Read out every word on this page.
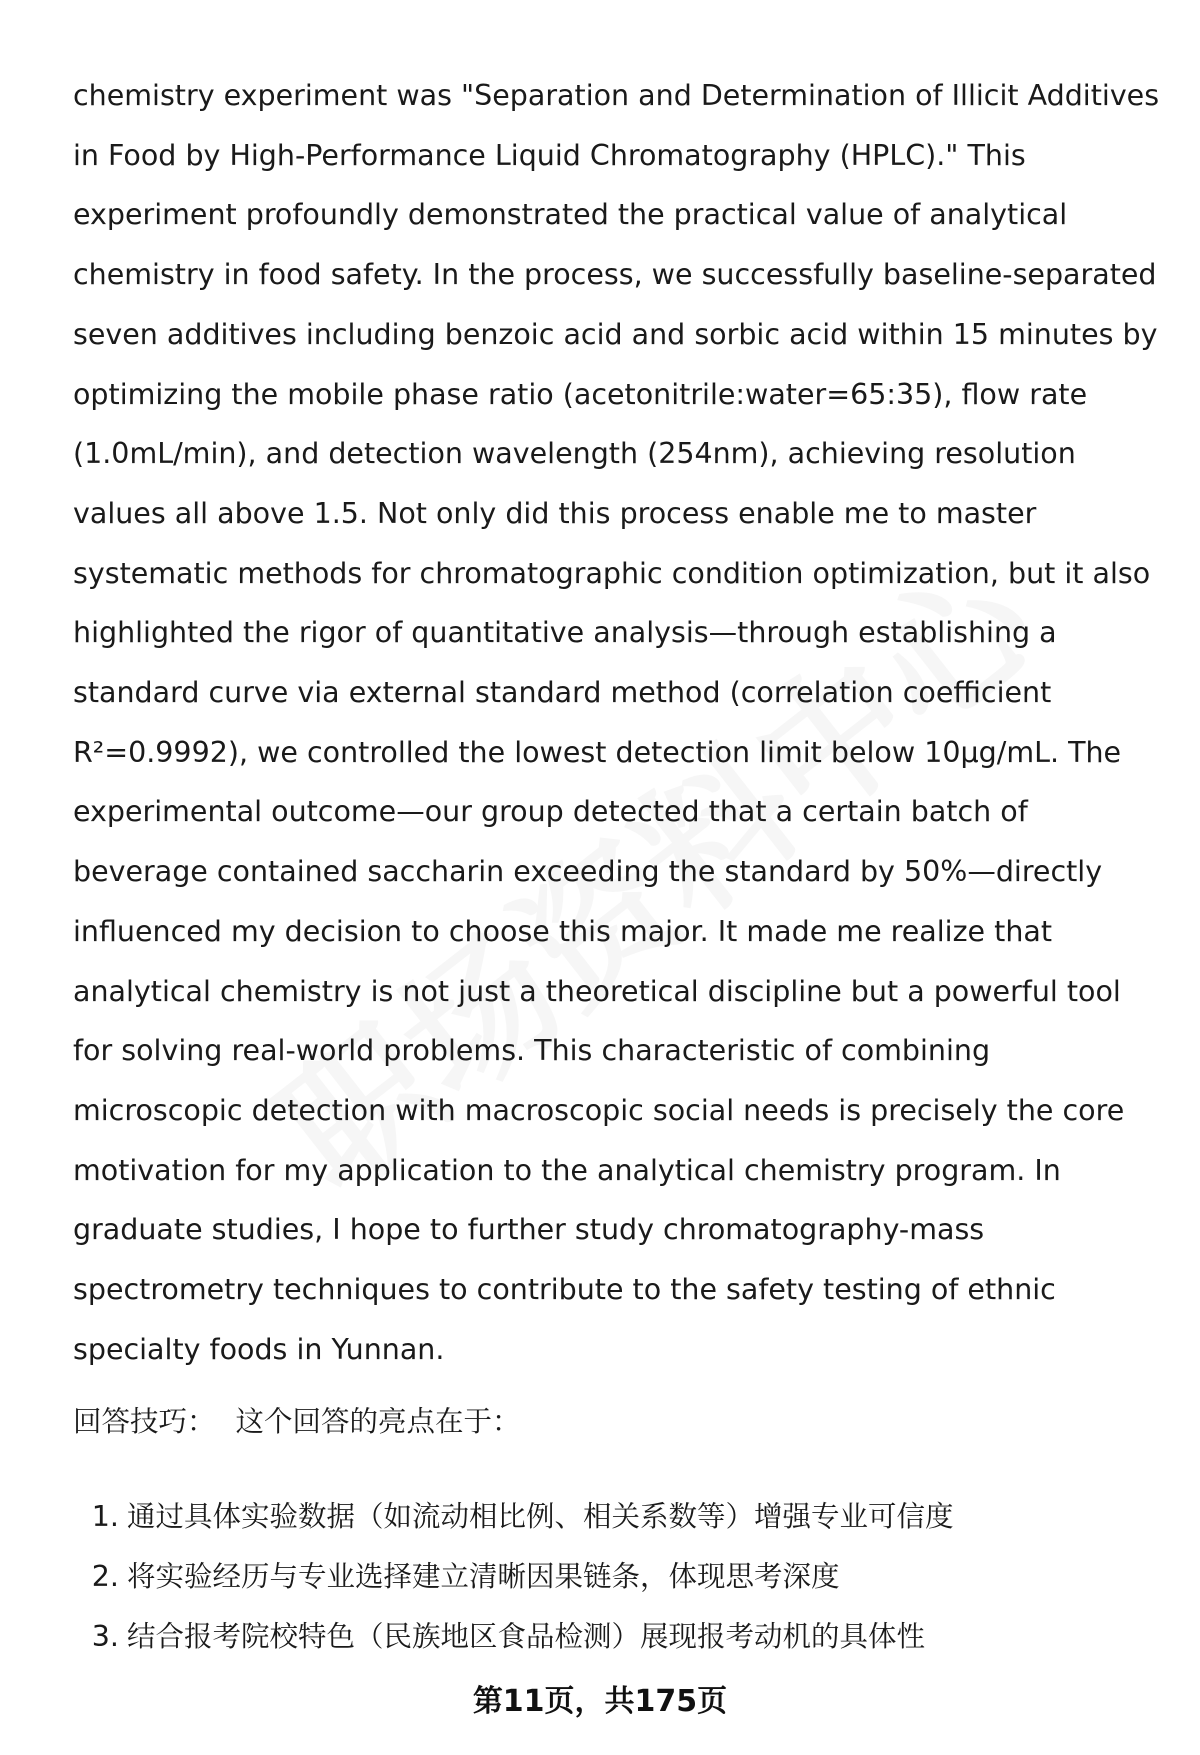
chemistry experiment was "Separation and Determination of Illicit Additives
in Food by High-Performance Liquid Chromatography (HPLC)." This
experiment profoundly demonstrated the practical value of analytical
chemistry in food safety. In the process, we successfully baseline-separated
seven additives including benzoic acid and sorbic acid within 15 minutes by
optimizing the mobile phase ratio (acetonitrile:water=65:35), flow rate
(1.0mL/min), and detection wavelength (254nm), achieving resolution
values all above 1.5. Not only did this process enable me to master
systematic methods for chromatographic condition optimization, but it also
highlighted the rigor of quantitative analysis—through establishing a
standard curve via external standard method (correlation coefficient
R²=0.9992), we controlled the lowest detection limit below 10μg/mL. The
experimental outcome—our group detected that a certain batch of
beverage contained saccharin exceeding the standard by 50%—directly
influenced my decision to choose this major. It made me realize that
analytical chemistry is not just a theoretical discipline but a powerful tool
for solving real-world problems. This characteristic of combining
microscopic detection with macroscopic social needs is precisely the core
motivation for my application to the analytical chemistry program. In
graduate studies, I hope to further study chromatography-mass
spectrometry techniques to contribute to the safety testing of ethnic
specialty foods in Yunnan.

回答技巧： 这个回答的亮点在于：

1. 通过具体实验数据（如流动相比例、相关系数等）增强专业可信度
2. 将实验经历与专业选择建立清晰因果链条，体现思考深度
3. 结合报考院校特色（民族地区食品检测）展现报考动机的具体性
第11页，共175页
